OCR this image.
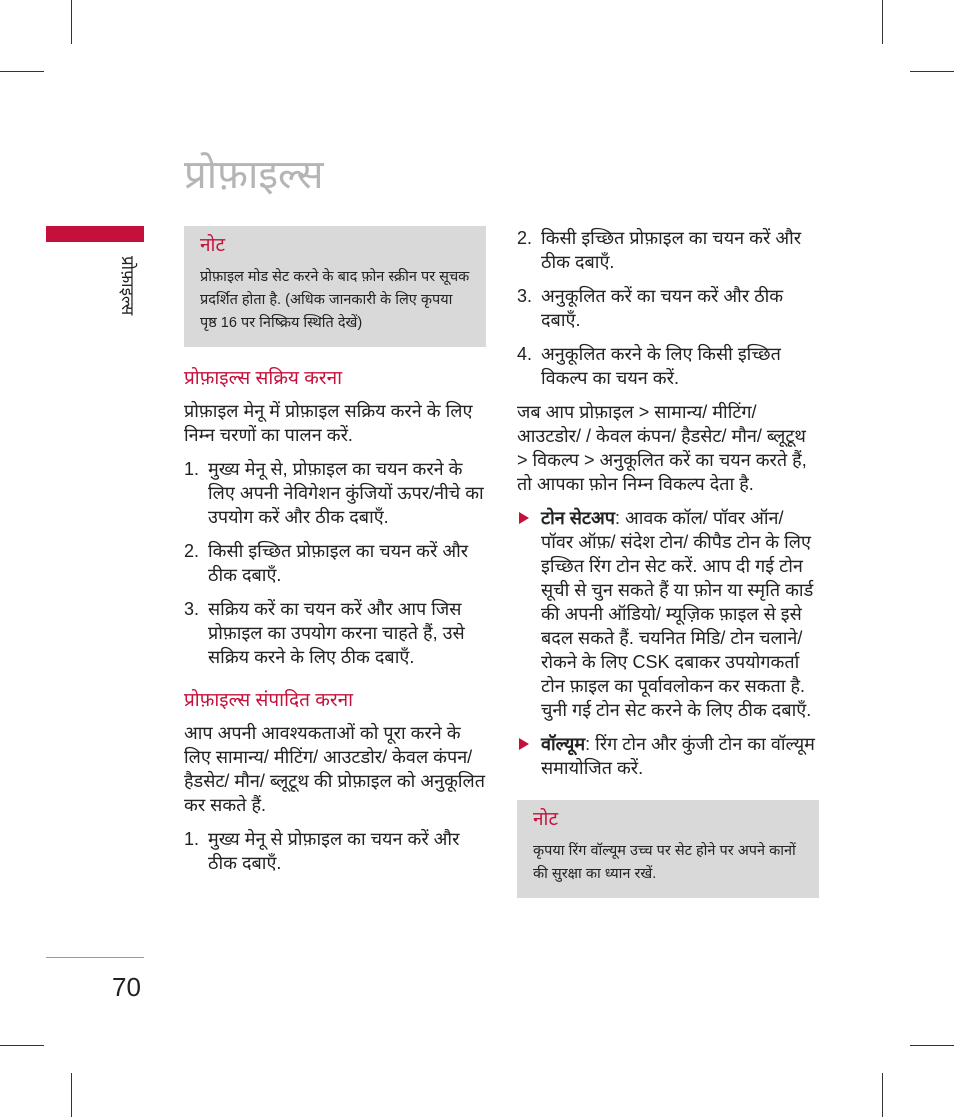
प्रोफ़ाइल्स
प्रोफ़ाइल्स
70
नोट
प्रोफ़ाइल मोड सेट करने के बाद फ़ोन स्क्रीन पर सूचक प्रदर्शित होता है. (अधिक जानकारी के लिए कृपया पृष्ठ 16 पर निष्क्रिय स्थिति देखें)
प्रोफ़ाइल्स सक्रिय करना

प्रोफ़ाइल मेनू में प्रोफ़ाइल सक्रिय करने के लिए निम्न चरणों का पालन करें.

1. मुख्य मेनू से, प्रोफ़ाइल का चयन करने के लिए अपनी नेविगेशन कुंजियों ऊपर/नीचे का उपयोग करें और ठीक दबाएँ.
2. किसी इच्छित प्रोफ़ाइल का चयन करें और ठीक दबाएँ.
3. सक्रिय करें का चयन करें और आप जिस प्रोफ़ाइल का उपयोग करना चाहते हैं, उसे सक्रिय करने के लिए ठीक दबाएँ.
प्रोफ़ाइल्स संपादित करना

आप अपनी आवश्यकताओं को पूरा करने के लिए सामान्य/ मीटिंग/ आउटडोर/ केवल कंपन/ हैडसेट/ मौन/ ब्लूटूथ की प्रोफ़ाइल को अनुकूलित कर सकते हैं.

1. मुख्य मेनू से प्रोफ़ाइल का चयन करें और ठीक दबाएँ.
2. किसी इच्छित प्रोफ़ाइल का चयन करें और ठीक दबाएँ.
3. अनुकूलित करें का चयन करें और ठीक दबाएँ.
4. अनुकूलित करने के लिए किसी इच्छित विकल्प का चयन करें.

जब आप प्रोफ़ाइल > सामान्य/ मीटिंग/ आउटडोर/ / केवल कंपन/ हैडसेट/ मौन/ ब्लूटूथ > विकल्प > अनुकूलित करें का चयन करते हैं, तो आपका फ़ोन निम्न विकल्प देता है.

टोन सेटअप: आवक कॉल/ पॉवर ऑन/ पॉवर ऑफ़/ संदेश टोन/ कीपैड टोन के लिए इच्छित रिंग टोन सेट करें. आप दी गई टोन सूची से चुन सकते हैं या फ़ोन या स्मृति कार्ड की अपनी ऑडियो/ म्यूज़िक फ़ाइल से इसे बदल सकते हैं. चयनित मिडि/ टोन चलाने/ रोकने के लिए CSK दबाकर उपयोगकर्ता टोन फ़ाइल का पूर्वावलोकन कर सकता है. चुनी गई टोन सेट करने के लिए ठीक दबाएँ.
वॉल्यूम: रिंग टोन और कुंजी टोन का वॉल्यूम समायोजित करें.
नोट
कृपया रिंग वॉल्यूम उच्च पर सेट होने पर अपने कानों की सुरक्षा का ध्यान रखें.
